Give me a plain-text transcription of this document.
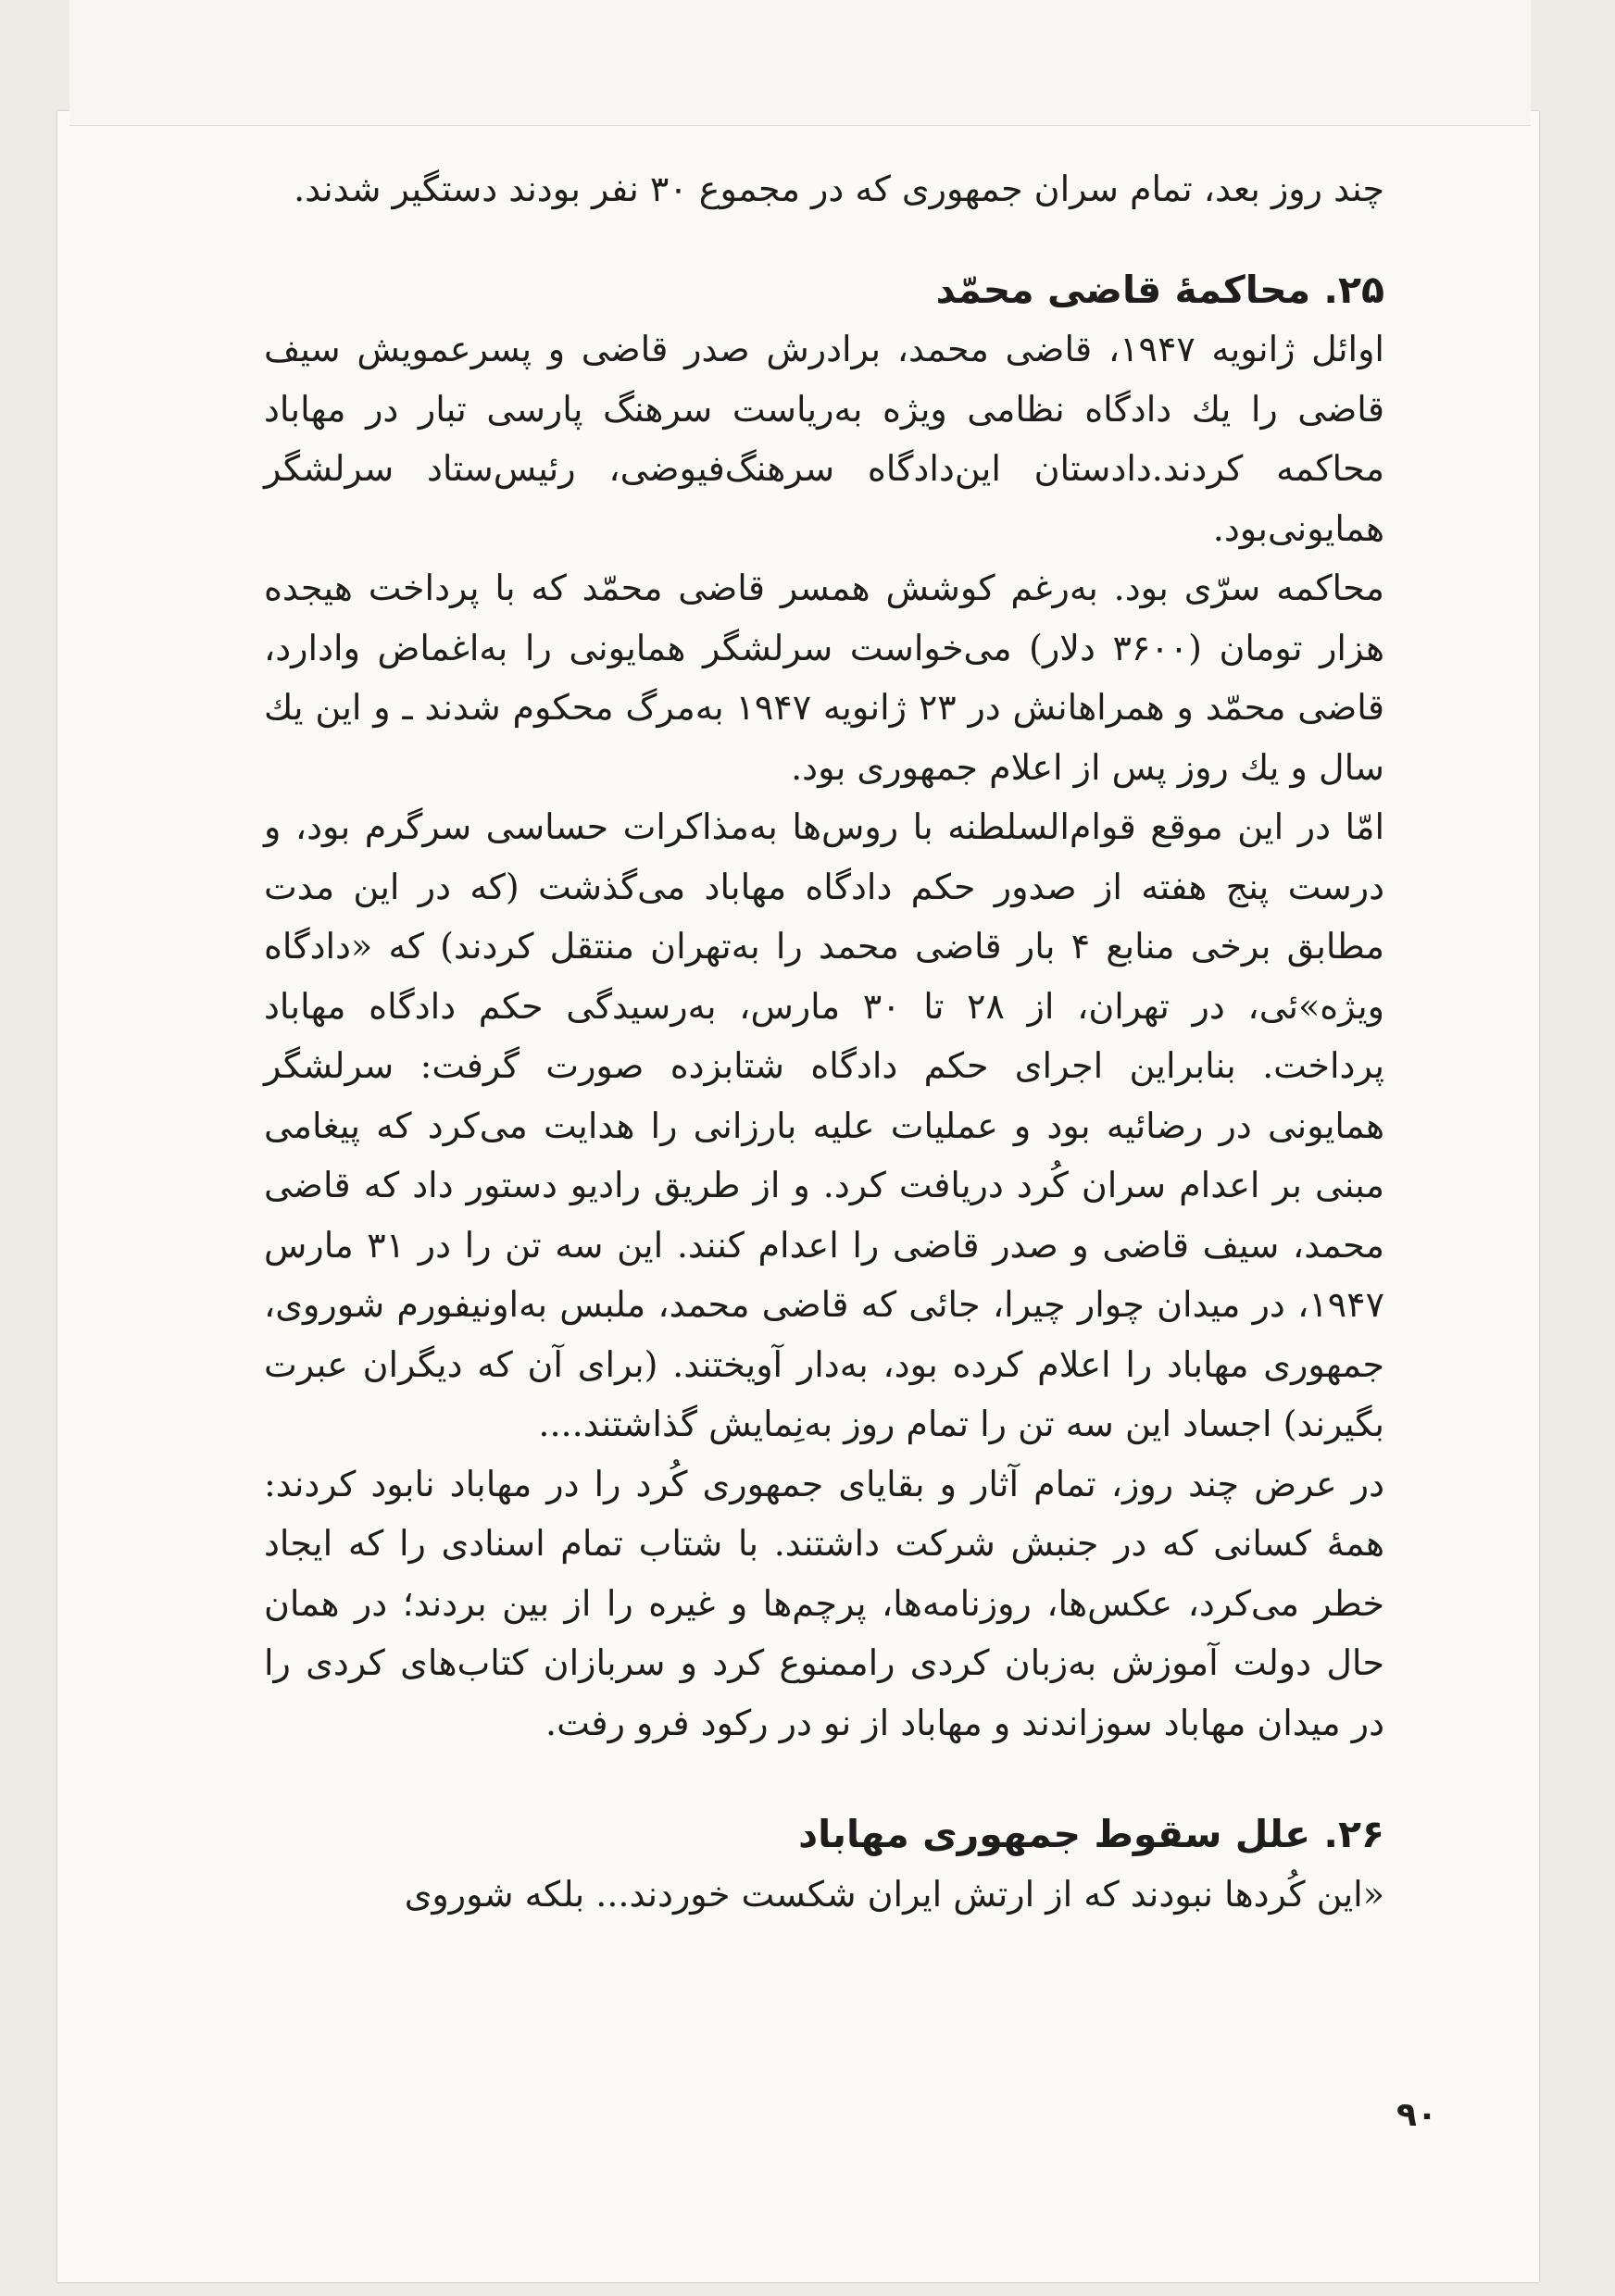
چند روز بعد، تمام سران جمهوری که در مجموع ۳۰ نفر بودند دستگیر شدند.

۲۵. محاکمهٔ قاضی محمّد

اوائل ژانویه ۱۹۴۷، قاضی محمد، برادرش صدر قاضی و پسرعمویش سیف قاضی را یك دادگاه نظامی ویژه به‌ریاست سرهنگ پارسی تبار در مهاباد محاکمه کردند.دادستان این‌دادگاه سرهنگ‌فیوضی، رئیس‌ستاد سرلشگر همایونی‌بود.

محاکمه سرّی بود. به‌رغم کوشش همسر قاضی محمّد که با پرداخت هیجده هزار تومان (۳۶۰۰ دلار) می‌خواست سرلشگر همایونی را به‌اغماض وادارد، قاضی محمّد و همراهانش در ۲۳ ژانویه ۱۹۴۷ به‌مرگ محکوم شدند ـ و این یك سال و یك روز پس از اعلام جمهوری بود.

امّا در این موقع قوام‌السلطنه با روس‌ها به‌مذاکرات حساسی سرگرم بود، و درست پنج هفته از صدور حکم دادگاه مهاباد می‌گذشت (که در این مدت مطابق برخی منابع ۴ بار قاضی محمد را به‌تهران منتقل کردند) که «دادگاه ویژه»ئی، در تهران، از ۲۸ تا ۳۰ مارس، به‌رسیدگی حکم دادگاه مهاباد پرداخت. بنابراین اجرای حکم دادگاه شتابزده صورت گرفت: سرلشگر همایونی در رضائیه بود و عملیات علیه بارزانی را هدایت می‌کرد که پیغامی مبنی بر اعدام سران کُرد دریافت کرد. و از طریق رادیو دستور داد که قاضی محمد، سیف قاضی و صدر قاضی را اعدام کنند. این سه تن را در ۳۱ مارس ۱۹۴۷، در میدان چوار چیرا، جائی که قاضی محمد، ملبس به‌اونیفورم شوروی، جمهوری مهاباد را اعلام کرده بود، به‌دار آویختند. (برای آن که دیگران عبرت بگیرند) اجساد این سه تن را تمام روز به‌نِمایش گذاشتند....

در عرض چند روز، تمام آثار و بقایای جمهوری کُرد را در مهاباد نابود کردند: همهٔ کسانی که در جنبش شرکت داشتند. با شتاب تمام اسنادی را که ایجاد خطر می‌کرد، عکس‌ها، روزنامه‌ها، پرچم‌ها و غیره را از بین بردند؛ در همان حال دولت آموزش به‌زبان کردی راممنوع کرد و سربازان کتاب‌های کردی را در میدان مهاباد سوزاندند و مهاباد از نو در رکود فرو رفت.

۲۶. علل سقوط جمهوری مهاباد

«این کُردها نبودند که از ارتش ایران شکست خوردند... بلکه شوروی

۹۰
